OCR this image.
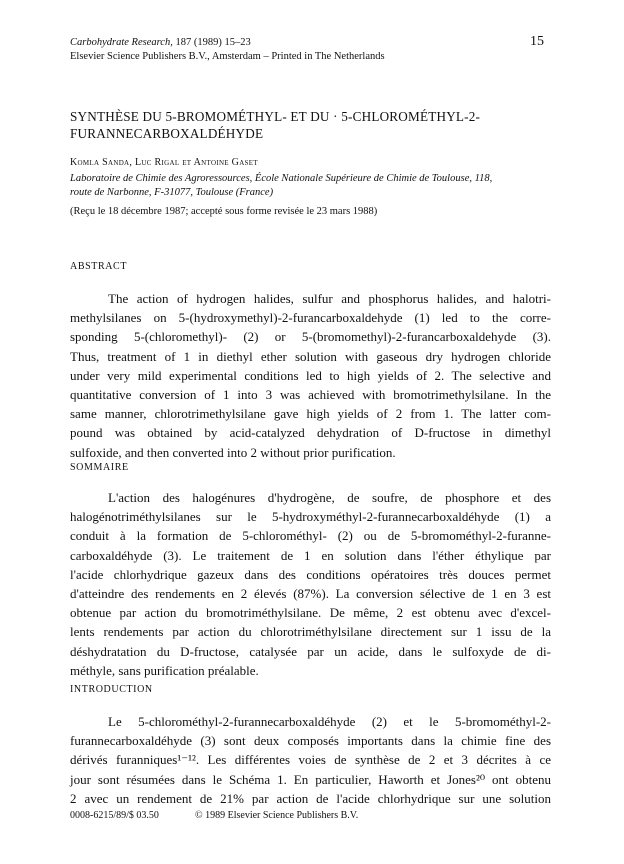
Carbohydrate Research, 187 (1989) 15–23
Elsevier Science Publishers B.V., Amsterdam – Printed in The Netherlands
15
SYNTHÈSE DU 5-BROMOMÉTHYL- ET DU · 5-CHLOROMÉTHYL-2-
FURANNECARBOXALDÉHYDE
Komla Sanda, Luc Rigal et Antoine Gaset
Laboratoire de Chimie des Agroressources, École Nationale Supérieure de Chimie de Toulouse, 118,
route de Narbonne, F-31077, Toulouse (France)
(Reçu le 18 décembre 1987; accepté sous forme revisée le 23 mars 1988)
ABSTRACT
The action of hydrogen halides, sulfur and phosphorus halides, and halotri-
methylsilanes on 5-(hydroxymethyl)-2-furancarboxaldehyde (1) led to the corre-
sponding 5-(chloromethyl)- (2) or 5-(bromomethyl)-2-furancarboxaldehyde (3).
Thus, treatment of 1 in diethyl ether solution with gaseous dry hydrogen chloride
under very mild experimental conditions led to high yields of 2. The selective and
quantitative conversion of 1 into 3 was achieved with bromotrimethylsilane. In the
same manner, chlorotrimethylsilane gave high yields of 2 from 1. The latter com-
pound was obtained by acid-catalyzed dehydration of D-fructose in dimethyl
sulfoxide, and then converted into 2 without prior purification.
SOMMAIRE
L'action des halogénures d'hydrogène, de soufre, de phosphore et des
halogénotriméthylsilanes sur le 5-hydroxyméthyl-2-furannecarboxaldéhyde (1) a
conduit à la formation de 5-chlorométhyl- (2) ou de 5-bromométhyl-2-furanne-
carboxaldéhyde (3). Le traitement de 1 en solution dans l'éther éthylique par
l'acide chlorhydrique gazeux dans des conditions opératoires très douces permet
d'atteindre des rendements en 2 élevés (87%). La conversion sélective de 1 en 3 est
obtenue par action du bromotriméthylsilane. De même, 2 est obtenu avec d'excel-
lents rendements par action du chlorotriméthylsilane directement sur 1 issu de la
déshydratation du D-fructose, catalysée par un acide, dans le sulfoxyde de di-
méthyle, sans purification préalable.
INTRODUCTION
Le 5-chlorométhyl-2-furannecarboxaldéhyde (2) et le 5-bromométhyl-2-
furannecarboxaldéhyde (3) sont deux composés importants dans la chimie fine des
dérivés furanniques¹⁻¹². Les différentes voies de synthèse de 2 et 3 décrites à ce
jour sont résumées dans le Schéma 1. En particulier, Haworth et Jones²⁰ ont obtenu
2 avec un rendement de 21% par action de l'acide chlorhydrique sur une solution
0008-6215/89/$ 03.50	© 1989 Elsevier Science Publishers B.V.
